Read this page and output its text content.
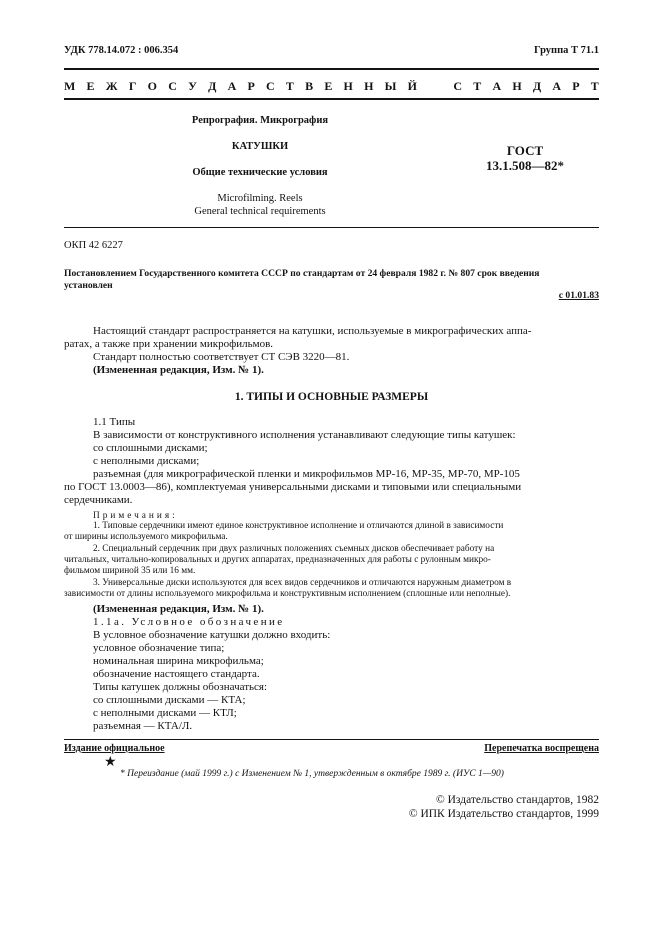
УДК 778.14.072 : 006.354	Группа Т 71.1
М Е Ж Г О С У Д А Р С Т В Е Н Н Ы Й
	С Т А Н Д А Р Т
Репрография. Микрография
КАТУШКИ
Общие технические условия
Microfilming. Reels
General technical requirements
ГОСТ
13.1.508—82*
ОКП 42 6227
Постановлением Государственного комитета СССР по стандартам от 24 февраля 1982 г. № 807 срок введения
установлен
с 01.01.83
Настоящий стандарт распространяется на катушки, используемые в микрографических аппа-
ратах, а также при хранении микрофильмов.
Стандарт полностью соответствует СТ СЭВ 3220—81.
(Измененная редакция, Изм. № 1).
1. ТИПЫ И ОСНОВНЫЕ РАЗМЕРЫ
1.1 Типы
В зависимости от конструктивного исполнения устанавливают следующие типы катушек:
со сплошными дисками;
с неполными дисками;
разъемная (для микрографической пленки и микрофильмов МР-16, МР-35, МР-70, МР-105
по ГОСТ 13.0003—86), комплектуемая универсальными дисками и типовыми или специальными
сердечниками.
Примечания:
1. Типовые сердечники имеют единое конструктивное исполнение и отличаются длиной в зависимости
от ширины используемого микрофильма.
2. Специальный сердечник при двух различных положениях съемных дисков обеспечивает работу на
читальных, читально-копировальных и других аппаратах, предназначенных для работы с рулонным микро-
фильмом шириной 35 или 16 мм.
3. Универсальные диски используются для всех видов сердечников и отличаются наружным диаметром в
зависимости от длины используемого микрофильма и конструктивным исполнением (сплошные или неполные).
(Измененная редакция, Изм. № 1).
1.1а. Условное обозначение
В условное обозначение катушки должно входить:
условное обозначение типа;
номинальная ширина микрофильма;
обозначение настоящего стандарта.
Типы катушек должны обозначаться:
со сплошными дисками — КТА;
с неполными дисками — КТЛ;
разъемная — КТА/Л.
Издание официальное	Перепечатка воспрещена
★
* Переиздание (май 1999 г.) с Изменением № 1, утвержденным в октябре 1989 г. (ИУС 1—90)
© Издательство стандартов, 1982
© ИПК Издательство стандартов, 1999
